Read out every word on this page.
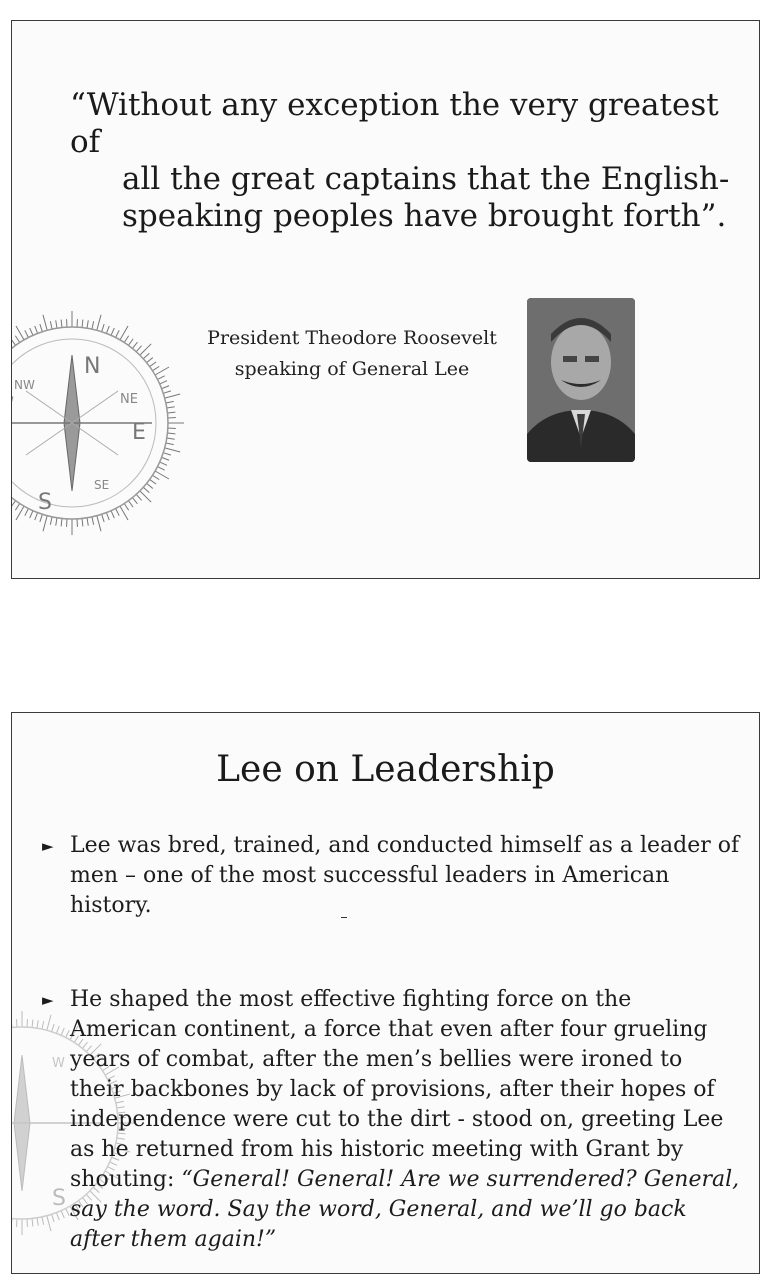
N
E
S
W	NE
SE
NW
“Without any exception the very greatest of
all the great captains that the English-
speaking peoples have brought forth”.
President Theodore Roosevelt
speaking of General Lee
S
W
Lee on Leadership
► Lee was bred, trained, and conducted himself as a leader of men – one of the most successful leaders in American history.
► He shaped the most effective fighting force on the American continent, a force that even after four grueling years of combat, after the men’s bellies were ironed to their backbones by lack of provisions, after their hopes of independence were cut to the dirt - stood on, greeting Lee as he returned from his historic meeting with Grant by shouting: “General! General! Are we surrendered? General, say the word. Say the word, General, and we’ll go back after them again!”
